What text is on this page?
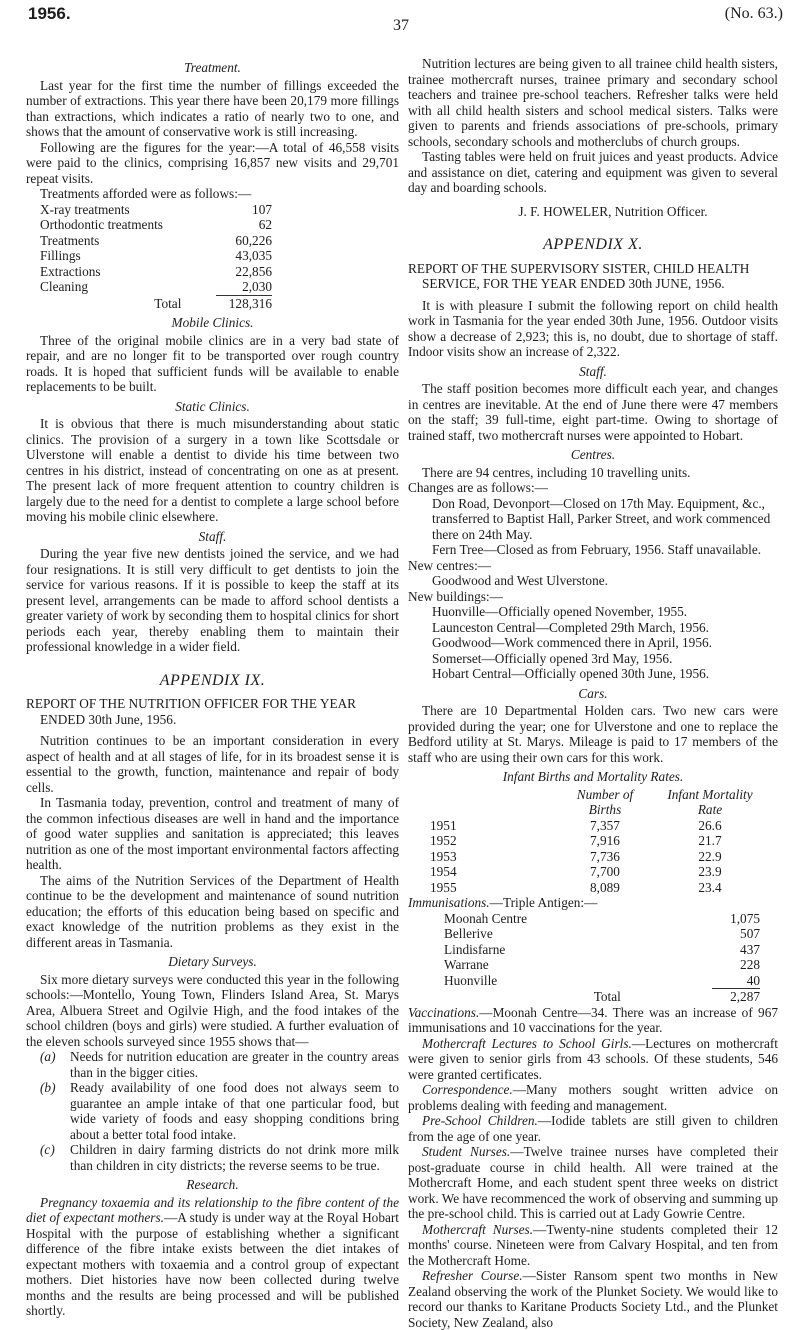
1956.
37
(No. 63.)
Treatment.

Last year for the first time the number of fillings exceeded the number of extractions. This year there have been 20,179 more fillings than extractions, which indicates a ratio of nearly two to one, and shows that the amount of conservative work is still increasing.

Following are the figures for the year:—A total of 46,558 visits were paid to the clinics, comprising 16,857 new visits and 29,701 repeat visits.

Treatments afforded were as follows:—

X-ray treatments	107
Orthodontic treatments	62
Treatments	60,226
Fillings	43,035
Extractions	22,856
Cleaning	2,030

Total	128,316
Mobile Clinics.

Three of the original mobile clinics are in a very bad state of repair, and are no longer fit to be transported over rough country roads. It is hoped that sufficient funds will be available to enable replacements to be built.

Static Clinics.

It is obvious that there is much misunderstanding about static clinics. The provision of a surgery in a town like Scottsdale or Ulverstone will enable a dentist to divide his time between two centres in his district, instead of concentrating on one as at present. The present lack of more frequent attention to country children is largely due to the need for a dentist to complete a large school before moving his mobile clinic elsewhere.

Staff.

During the year five new dentists joined the service, and we had four resignations. It is still very difficult to get dentists to join the service for various reasons. If it is possible to keep the staff at its present level, arrangements can be made to afford school dentists a greater variety of work by seconding them to hospital clinics for short periods each year, thereby enabling them to maintain their professional knowledge in a wider field.

APPENDIX IX.
REPORT OF THE NUTRITION OFFICER FOR THE YEAR ENDED 30th June, 1956.

Nutrition continues to be an important consideration in every aspect of health and at all stages of life, for in its broadest sense it is essential to the growth, function, maintenance and repair of body cells.

In Tasmania today, prevention, control and treatment of many of the common infectious diseases are well in hand and the importance of good water supplies and sanitation is appreciated; this leaves nutrition as one of the most important environmental factors affecting health.

The aims of the Nutrition Services of the Department of Health continue to be the development and maintenance of sound nutrition education; the efforts of this education being based on specific and exact knowledge of the nutrition problems as they exist in the different areas in Tasmania.

Dietary Surveys.

Six more dietary surveys were conducted this year in the following schools:—Montello, Young Town, Flinders Island Area, St. Marys Area, Albuera Street and Ogilvie High, and the food intakes of the school children (boys and girls) were studied. A further evaluation of the eleven schools surveyed since 1955 shows that—

(a)	Needs for nutrition education are greater in the country areas than in the bigger cities.
(b)	Ready availability of one food does not always seem to guarantee an ample intake of that one particular food, but wide variety of foods and easy shopping conditions bring about a better total food intake.
(c)	Children in dairy farming districts do not drink more milk than children in city districts; the reverse seems to be true.
Research.

Pregnancy toxaemia and its relationship to the fibre content of the diet of expectant mothers.—A study is under way at the Royal Hobart Hospital with the purpose of establishing whether a significant difference of the fibre intake exists between the diet intakes of expectant mothers with toxaemia and a control group of expectant mothers. Diet histories have now been collected during twelve months and the results are being processed and will be published shortly.

Nutrition lectures are being given to all trainee child health sisters, trainee mothercraft nurses, trainee primary and secondary school teachers and trainee pre-school teachers. Refresher talks were held with all child health sisters and school medical sisters. Talks were given to parents and friends associations of pre-schools, primary schools, secondary schools and motherclubs of church groups.

Tasting tables were held on fruit juices and yeast products. Advice and assistance on diet, catering and equipment was given to several day and boarding schools.

J. F. HOWELER, Nutrition Officer.
APPENDIX X.
REPORT OF THE SUPERVISORY SISTER, CHILD HEALTH SERVICE, FOR THE YEAR ENDED 30th JUNE, 1956.

It is with pleasure I submit the following report on child health work in Tasmania for the year ended 30th June, 1956. Outdoor visits show a decrease of 2,923; this is, no doubt, due to shortage of staff. Indoor visits show an increase of 2,322.

Staff.

The staff position becomes more difficult each year, and changes in centres are inevitable. At the end of June there were 47 members on the staff; 39 full-time, eight part-time. Owing to shortage of trained staff, two mothercraft nurses were appointed to Hobart.

Centres.

There are 94 centres, including 10 travelling units.

Changes are as follows:—

Don Road, Devonport—Closed on 17th May. Equipment, &c., transferred to Baptist Hall, Parker Street, and work commenced there on 24th May.
Fern Tree—Closed as from February, 1956. Staff unavailable.
New centres:—
Goodwood and West Ulverstone.
New buildings:—
Huonville—Officially opened November, 1955.
Launceston Central—Completed 29th March, 1956.
Goodwood—Work commenced there in April, 1956.
Somerset—Officially opened 3rd May, 1956.
Hobart Central—Officially opened 30th June, 1956.
Cars.

There are 10 Departmental Holden cars. Two new cars were provided during the year; one for Ulverstone and one to replace the Bedford utility at St. Marys. Mileage is paid to 17 members of the staff who are using their own cars for this work.

Infant Births and Mortality Rates.
	Number of	Infant Mortality
	Births	Rate
1951	7,357	26.6
1952	7,916	21.7
1953	7,736	22.9
1954	7,700	23.9
1955	8,089	23.4
Immunisations.—Triple Antigen:—
Moonah Centre	1,075
Bellerive	507
Lindisfarne	437
Warrane	228
Huonville	40

Total	2,287

Vaccinations.—Moonah Centre—34. There was an increase of 967 immunisations and 10 vaccinations for the year.

Mothercraft Lectures to School Girls.—Lectures on mothercraft were given to senior girls from 43 schools. Of these students, 546 were granted certificates.

Correspondence.—Many mothers sought written advice on problems dealing with feeding and management.

Pre-School Children.—Iodide tablets are still given to children from the age of one year.

Student Nurses.—Twelve trainee nurses have completed their post-graduate course in child health. All were trained at the Mothercraft Home, and each student spent three weeks on district work. We have recommenced the work of observing and summing up the pre-school child. This is carried out at Lady Gowrie Centre.

Mothercraft Nurses.—Twenty-nine students completed their 12 months' course. Nineteen were from Calvary Hospital, and ten from the Mothercraft Home.

Refresher Course.—Sister Ransom spent two months in New Zealand observing the work of the Plunket Society. We would like to record our thanks to Karitane Products Society Ltd., and the Plunket Society, New Zealand, also
